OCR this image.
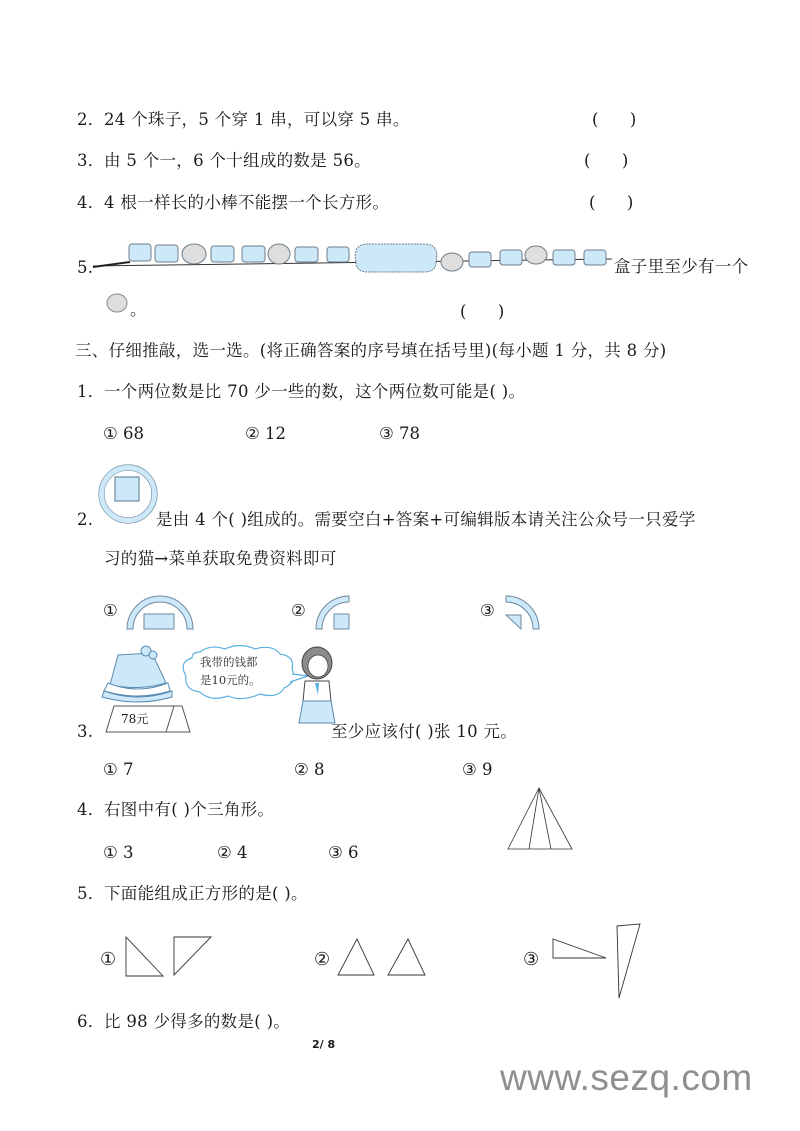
2． 24 个珠子，5 个穿 1 串，可以穿 5 串。	(      )
3． 由 5 个一，6 个十组成的数是 56。	(      )
4． 4 根一样长的小棒不能摆一个长方形。	(      )
5.	盒子里至少有一个
。	(      )
三、仔细推敲，选一选。(将正确答案的序号填在括号里)(每小题 1 分，共 8 分)
1． 一个两位数是比 70 少一些的数，这个两位数可能是( )。
① 68	② 12	③ 78
2.	是由 4 个( )组成的。需要空白+答案+可编辑版本请关注公众号一只爱学
习的猫→菜单获取免费资料即可
①	②	③
78元
我带的钱都
是10元的。
3.	至少应该付( )张 10 元。
① 7	② 8	③ 9
4． 右图中有( )个三角形。
① 3	② 4	③ 6
5． 下面能组成正方形的是( )。
①	②	③
6． 比 98 少得多的数是( )。
2/ 8
www.sezq.com
